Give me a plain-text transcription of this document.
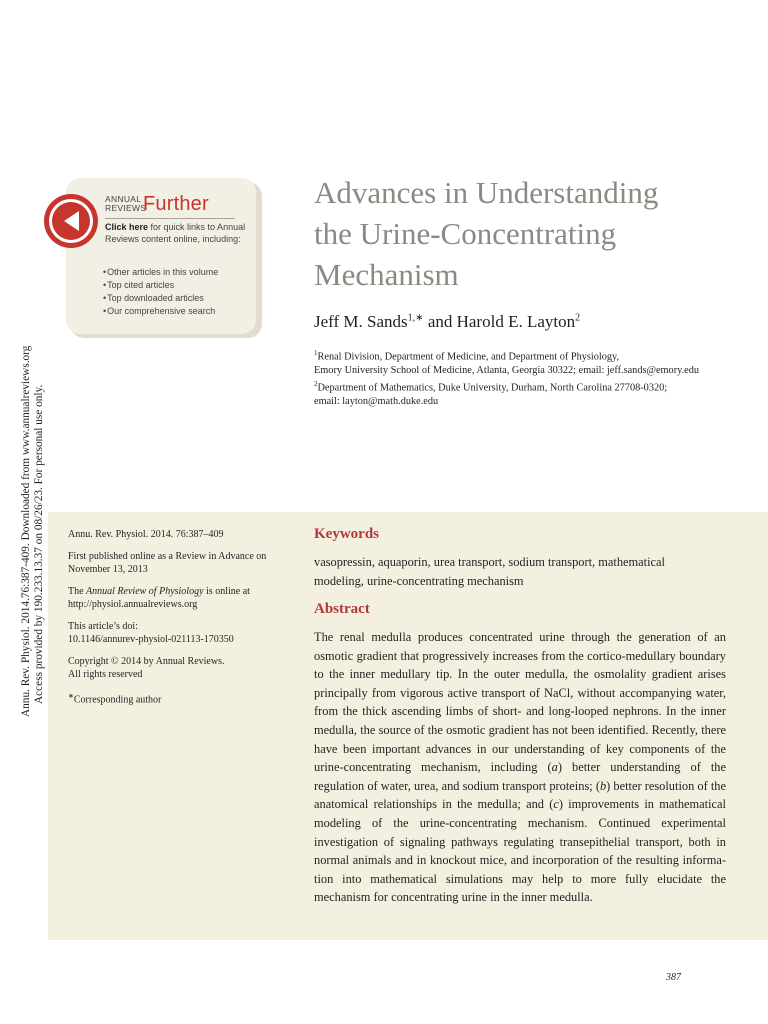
Annu. Rev. Physiol. 2014.76:387-409. Downloaded from www.annualreviews.org Access provided by 190.233.13.37 on 08/26/23. For personal use only.
ANNUAL
REVIEWS
Further
Click here for quick links to Annual Reviews content online, including:
• Other articles in this volume
• Top cited articles
• Top downloaded articles
• Our comprehensive search
Advances in Understanding
the Urine-Concentrating
Mechanism
Jeff M. Sands$^{1,∗}$ and Harold E. Layton$^2$
$^1$Renal Division, Department of Medicine, and Department of Physiology,
Emory University School of Medicine, Atlanta, Georgia 30322; email: jeff.sands@emory.edu
$^2$Department of Mathematics, Duke University, Durham, North Carolina 27708-0320;
email: layton@math.duke.edu

Annu. Rev. Physiol. 2014. 76:387–409

First published online as a Review in Advance on November 13, 2013

The Annual Review of Physiology is online at http://physiol.annualreviews.org

This article’s doi:
10.1146/annurev-physiol-021113-170350

Copyright © 2014 by Annual Reviews.
All rights reserved

∗Corresponding author

Keywords
vasopressin, aquaporin, urea transport, sodium transport, mathematical modeling, urine-concentrating mechanism
Abstract
The renal medulla produces concentrated urine through the generation of an osmotic gradient that progressively increases from the cortico-medullary boundary to the inner medullary tip. In the outer medulla, the osmolality gradient arises principally from vigorous active transport of NaCl, without accompanying water, from the thick ascending limbs of short- and long-looped nephrons. In the inner medulla, the source of the osmotic gradient has not been identified. Recently, there have been important advances in our understanding of key components of the urine-concentrating mechanism, including (a) better understanding of the regulation of water, urea, and sodium transport proteins; (b) better resolution of the anatomical relationships in the medulla; and (c) improvements in mathematical modeling of the urine-concentrating mechanism. Continued experimental investigation of signaling pathways regulating transepithelial transport, both in normal animals and in knockout mice, and incorporation of the resulting information into mathematical simulations may help to more fully elucidate the mechanism for concentrating urine in the inner medulla.
387
